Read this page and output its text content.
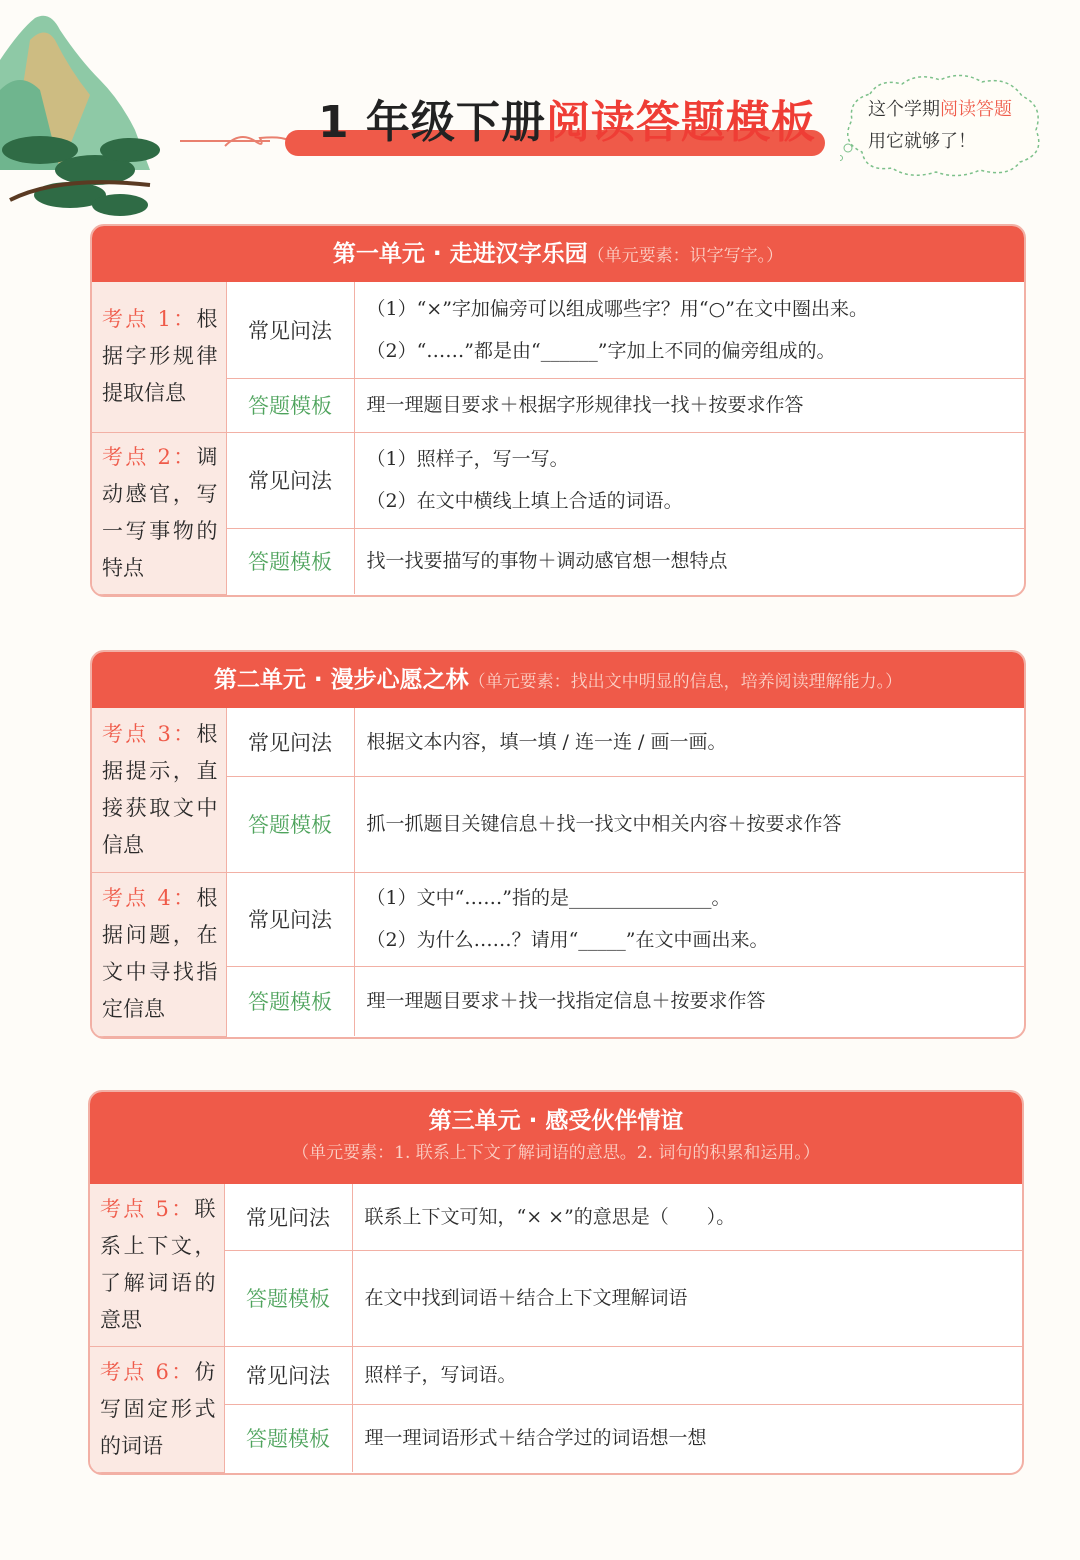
1 年级下册阅读答题模板	这个学期阅读答题
用它就够了！
第一单元 · 走进汉字乐园（单元要素：识字写字。）
考点 1：根据字形规律提取信息	常见问法	（1）“×”字加偏旁可以组成哪些字？用“○”在文中圈出来。
（2）“……”都是由“______”字加上不同的偏旁组成的。

	答题模板	理一理题目要求＋根据字形规律找一找＋按要求作答
考点 2：调动感官，写一写事物的特点	常见问法	（1）照样子，写一写。
（2）在文中横线上填上合适的词语。

	答题模板	找一找要描写的事物＋调动感官想一想特点
第二单元 · 漫步心愿之林（单元要素：找出文中明显的信息，培养阅读理解能力。）
考点 3：根据提示，直接获取文中信息	常见问法	根据文本内容，填一填 / 连一连 / 画一画。

	答题模板	抓一抓题目关键信息＋找一找文中相关内容＋按要求作答
考点 4：根据问题，在文中寻找指定信息	常见问法	（1）文中“……”指的是_______________。
（2）为什么……？请用“_____”在文中画出来。

	答题模板	理一理题目要求＋找一找指定信息＋按要求作答
第三单元 · 感受伙伴情谊
（单元要素：1. 联系上下文了解词语的意思。2. 词句的积累和运用。）
考点 5：联系上下文，了解词语的意思	常见问法	联系上下文可知，“× ×”的意思是（　　）。

	答题模板	在文中找到词语＋结合上下文理解词语
考点 6：仿写固定形式的词语	常见问法	照样子，写词语。

	答题模板	理一理词语形式＋结合学过的词语想一想
